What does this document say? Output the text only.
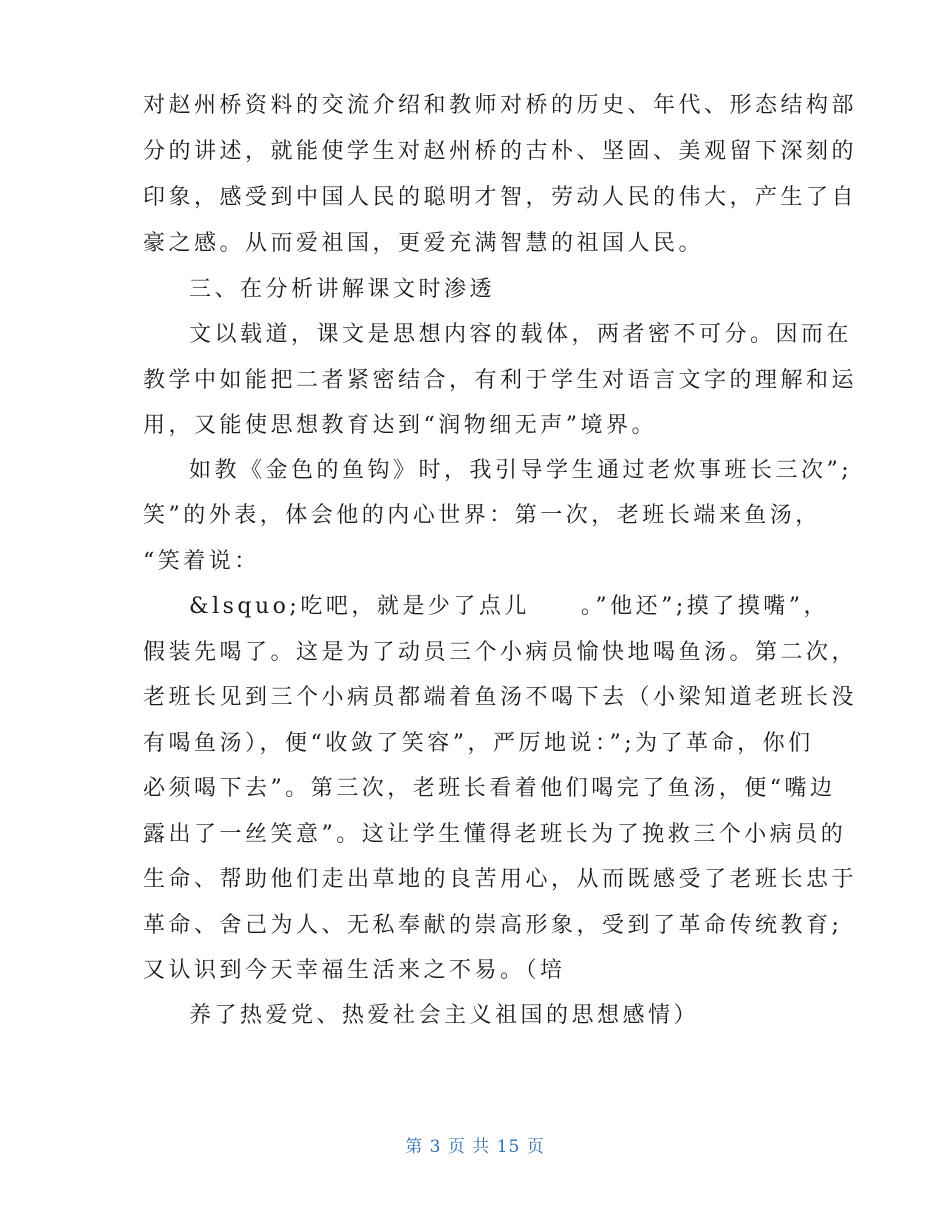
对赵州桥资料的交流介绍和教师对桥的历史、年代、形态结构部
分的讲述，就能使学生对赵州桥的古朴、坚固、美观留下深刻的
印象，感受到中国人民的聪明才智，劳动人民的伟大，产生了自
豪之感。从而爱祖国，更爱充满智慧的祖国人民。
三、在分析讲解课文时渗透
文以载道，课文是思想内容的载体，两者密不可分。因而在
教学中如能把二者紧密结合，有利于学生对语言文字的理解和运
用，又能使思想教育达到“润物细无声”境界。
如教《金色的鱼钩》时，我引导学生通过老炊事班长三次”;
笑”的外表，体会他的内心世界：第一次，老班长端来鱼汤，
“笑着说：
&lsquo;吃吧，就是少了点儿　　。”他还”;摸了摸嘴”，
假装先喝了。这是为了动员三个小病员愉快地喝鱼汤。第二次，
老班长见到三个小病员都端着鱼汤不喝下去（小梁知道老班长没
有喝鱼汤），便“收敛了笑容”，严厉地说：”;为了革命，你们
必须喝下去”。第三次，老班长看着他们喝完了鱼汤，便“嘴边
露出了一丝笑意”。这让学生懂得老班长为了挽救三个小病员的
生命、帮助他们走出草地的良苦用心，从而既感受了老班长忠于
革命、舍己为人、无私奉献的崇高形象，受到了革命传统教育;
又认识到今天幸福生活来之不易。（培
养了热爱党、热爱社会主义祖国的思想感情）
第 3 页 共 15 页
